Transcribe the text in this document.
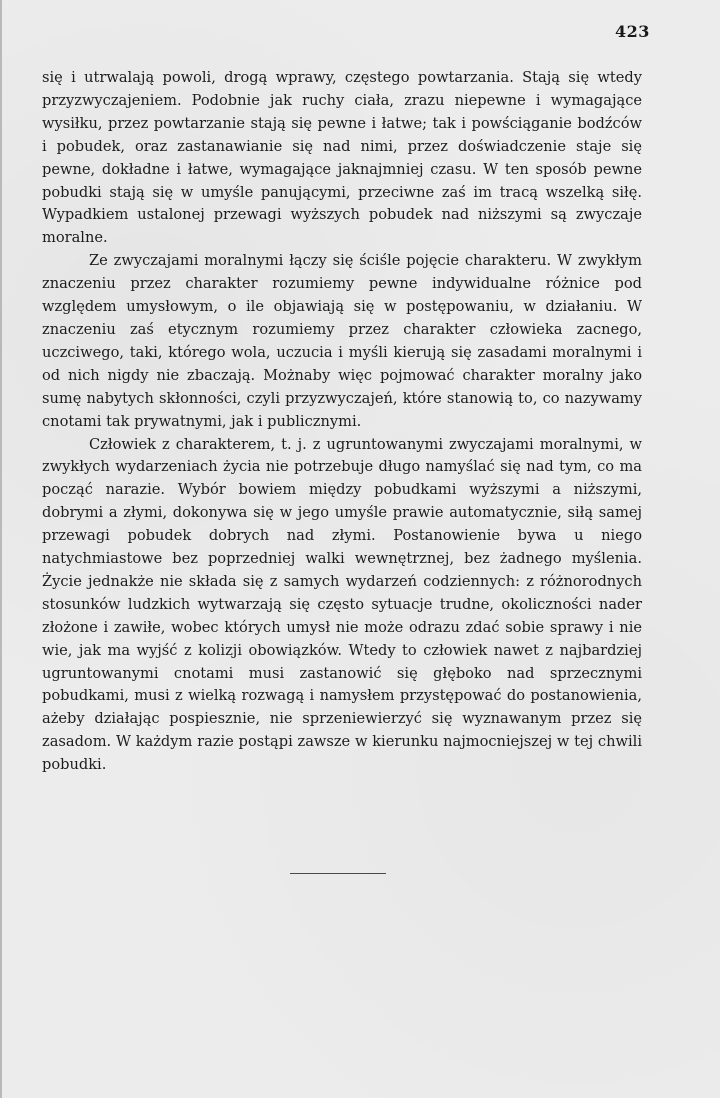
423

się i utrwalają powoli, drogą wprawy, częstego powtarzania. Stają się wtedy przyzwyczajeniem. Podobnie jak ruchy ciała, zrazu niepewne i wymagające wysiłku, przez powtarzanie stają się pewne i łatwe; tak i powściąganie bodźców i pobudek, oraz zastanawianie się nad nimi, przez doświadczenie staje się pewne, dokładne i łatwe, wymagające jaknajmniej czasu. W ten sposób pewne pobudki stają się w umyśle panującymi, przeciwne zaś im tracą wszelką siłę. Wypadkiem ustalonej przewagi wyższych pobudek nad niższymi są zwyczaje moralne.

Ze zwyczajami moralnymi łączy się ściśle pojęcie charakteru. W zwykłym znaczeniu przez charakter rozumiemy pewne indywidualne różnice pod względem umysłowym, o ile objawiają się w postępowaniu, w działaniu. W znaczeniu zaś etycznym rozumiemy przez charakter człowieka zacnego, uczciwego, taki, którego wola, uczucia i myśli kierują się zasadami moralnymi i od nich nigdy nie zbaczają. Możnaby więc pojmować charakter moralny jako sumę nabytych skłonności, czyli przyzwyczajeń, które stanowią to, co nazywamy cnotami tak prywatnymi, jak i publicznymi.

Człowiek z charakterem, t. j. z ugruntowanymi zwyczajami moralnymi, w zwykłych wydarzeniach życia nie potrzebuje długo namyślać się nad tym, co ma począć narazie. Wybór bowiem między pobudkami wyższymi a niższymi, dobrymi a złymi, dokonywa się w jego umyśle prawie automatycznie, siłą samej przewagi pobudek dobrych nad złymi. Postanowienie bywa u niego natychmiastowe bez poprzedniej walki wewnętrznej, bez żadnego myślenia. Życie jednakże nie składa się z samych wydarzeń codziennych: z różnorodnych stosunków ludzkich wytwarzają się często sytuacje trudne, okoliczności nader złożone i zawiłe, wobec których umysł nie może odrazu zdać sobie sprawy i nie wie, jak ma wyjść z kolizji obowiązków. Wtedy to człowiek nawet z najbardziej ugruntowanymi cnotami musi zastanowić się głęboko nad sprzecznymi pobudkami, musi z wielką rozwagą i namysłem przystępować do postanowienia, ażeby działając pospiesznie, nie sprzeniewierzyć się wyznawanym przez się zasadom. W każdym razie postąpi zawsze w kierunku najmocniejszej w tej chwili pobudki.
